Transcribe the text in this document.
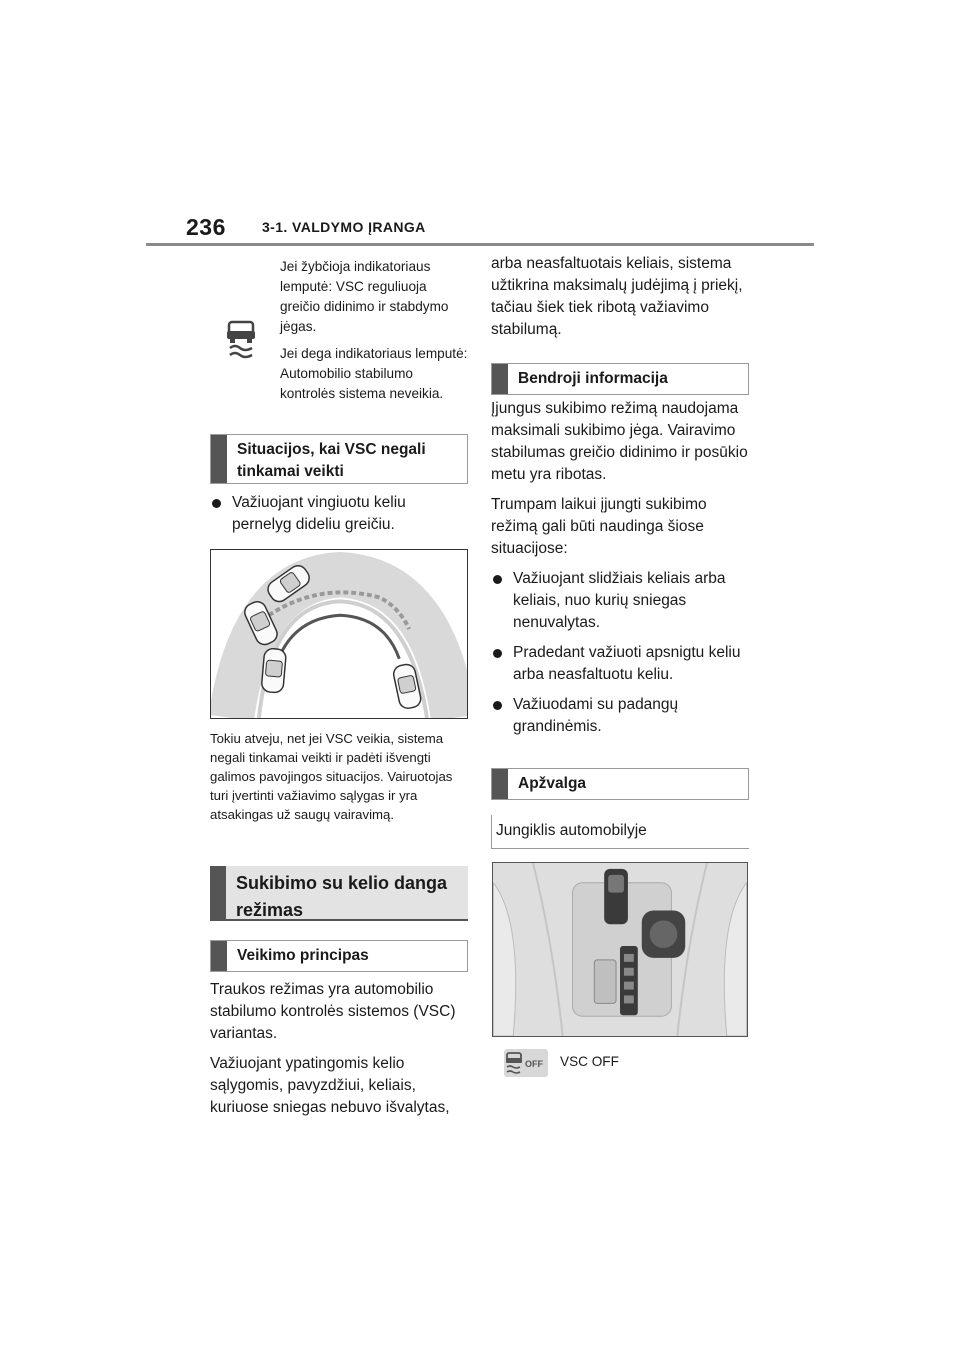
236	3-1. VALDYMO ĮRANGA

Jei žybčioja indikatoriaus lemputė: VSC reguliuoja greičio didinimo ir stabdymo jėgas.

Jei dega indikatoriaus lemputė: Automobilio stabilumo kontrolės sistema neveikia.

Situacijos, kai VSC negali tinkamai veikti
Važiuojant vingiuotu keliu pernelyg dideliu greičiu.
Tokiu atveju, net jei VSC veikia, sistema negali tinkamai veikti ir padėti išvengti galimos pavojingos situacijos. Vairuotojas turi įvertinti važiavimo sąlygas ir yra atsakingas už saugų vairavimą.
Sukibimo su kelio danga režimas
Veikimo principas

Traukos režimas yra automobilio stabilumo kontrolės sistemos (VSC) variantas.

Važiuojant ypatingomis kelio sąlygomis, pavyzdžiui, keliais, kuriuose sniegas nebuvo išvalytas,

arba neasfaltuotais keliais, sistema užtikrina maksimalų judėjimą į priekį, tačiau šiek tiek ribotą važiavimo stabilumą.

Bendroji informacija

Įjungus sukibimo režimą naudojama maksimali sukibimo jėga. Vairavimo stabilumas greičio didinimo ir posūkio metu yra ribotas.

Trumpam laikui įjungti sukibimo režimą gali būti naudinga šiose situacijose:

Važiuojant slidžiais keliais arba keliais, nuo kurių sniegas nenuvalytas.
Pradedant važiuoti apsnigtu keliu arba neasfaltuotu keliu.
Važiuodami su padangų grandinėmis.
Apžvalga
Jungiklis automobilyje
OFF VSC OFF
